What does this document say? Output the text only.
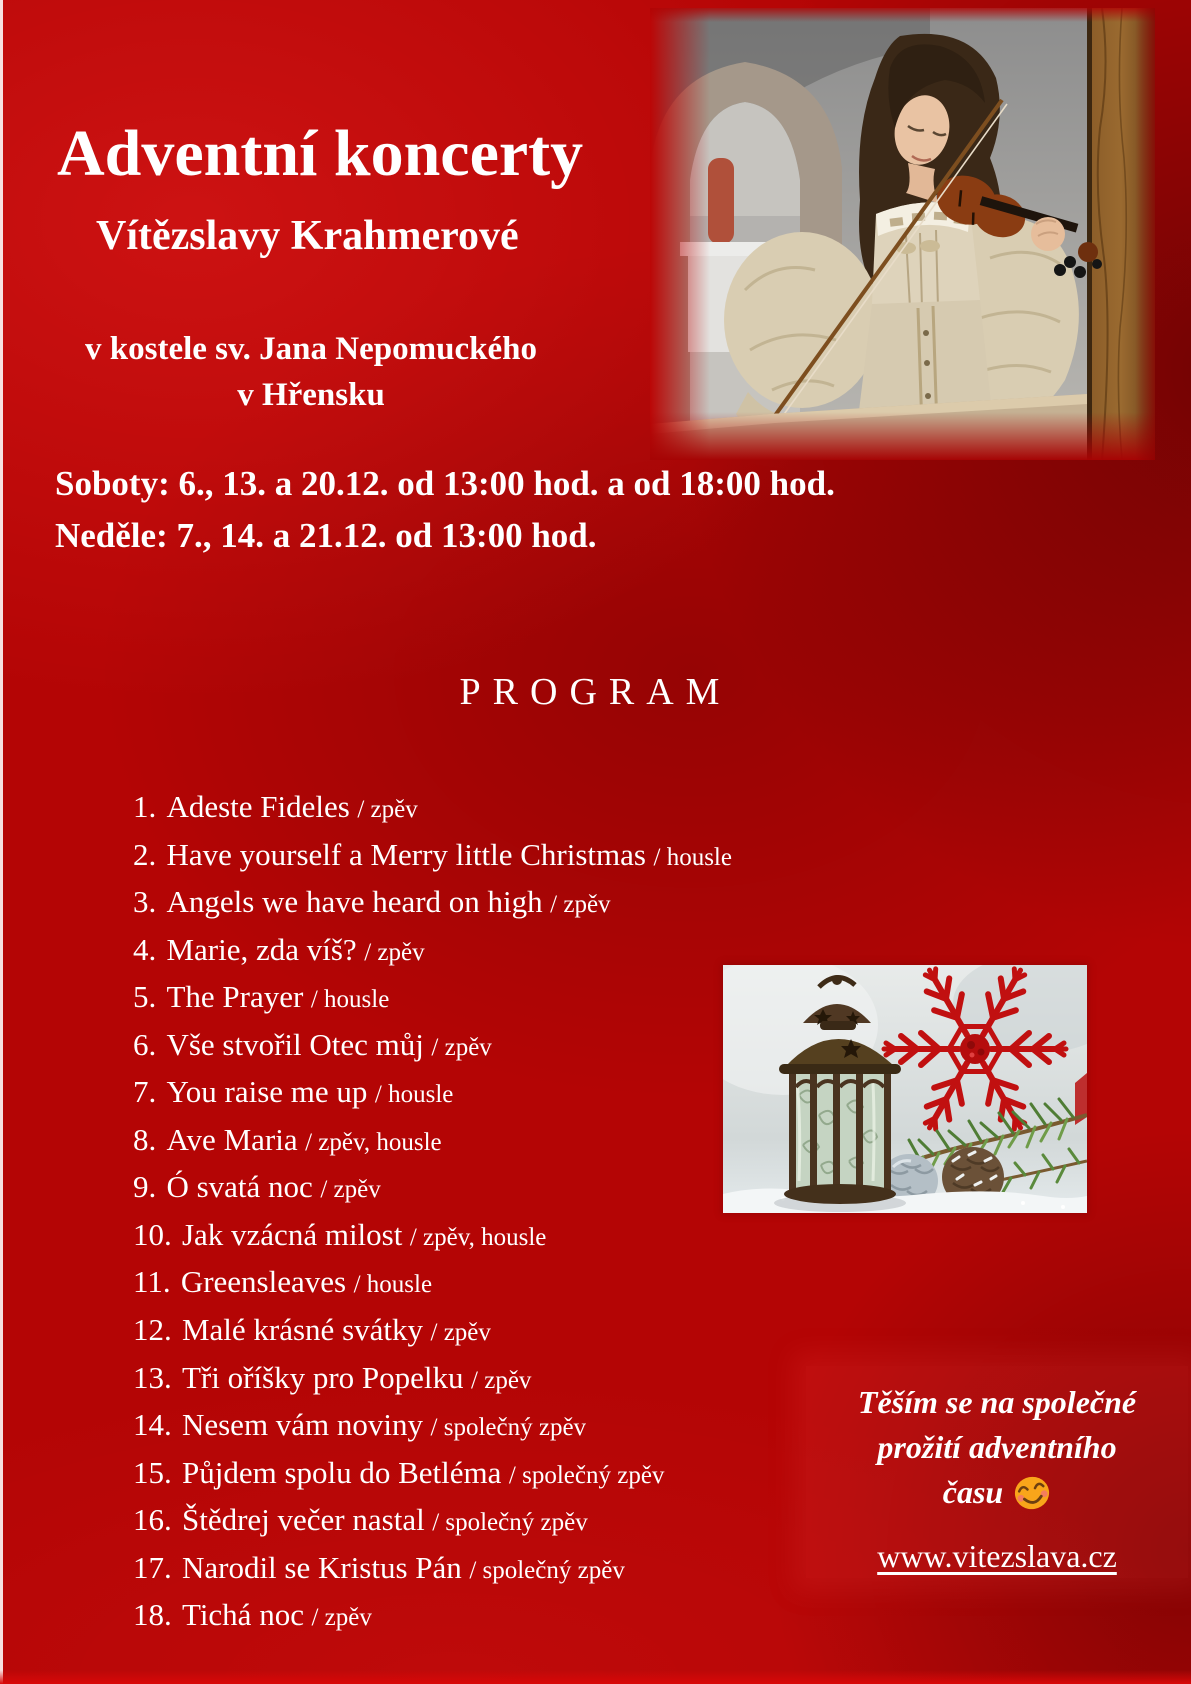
Adventní koncerty
Vítězslavy Krahmerové
v kostele sv. Jana Nepomuckého
v Hřensku
Soboty: 6., 13. a 20.12. od 13:00 hod. a od 18:00 hod.
Neděle: 7., 14. a 21.12. od 13:00 hod.
PROGRAM
1. Adeste Fideles / zpěv
2. Have yourself a Merry little Christmas / housle
3. Angels we have heard on high / zpěv
4. Marie, zda víš? / zpěv
5. The Prayer / housle
6. Vše stvořil Otec můj / zpěv
7. You raise me up / housle
8. Ave Maria / zpěv, housle
9. Ó svatá noc / zpěv
10. Jak vzácná milost / zpěv, housle
11. Greensleaves / housle
12. Malé krásné svátky / zpěv
13. Tři oříšky pro Popelku / zpěv
14. Nesem vám noviny / společný zpěv
15. Půjdem spolu do Betléma / společný zpěv
16. Štědrej večer nastal / společný zpěv
17. Narodil se Kristus Pán / společný zpěv
18. Tichá noc / zpěv
Těším se na společné
prožití adventního
času
www.vitezslava.cz
